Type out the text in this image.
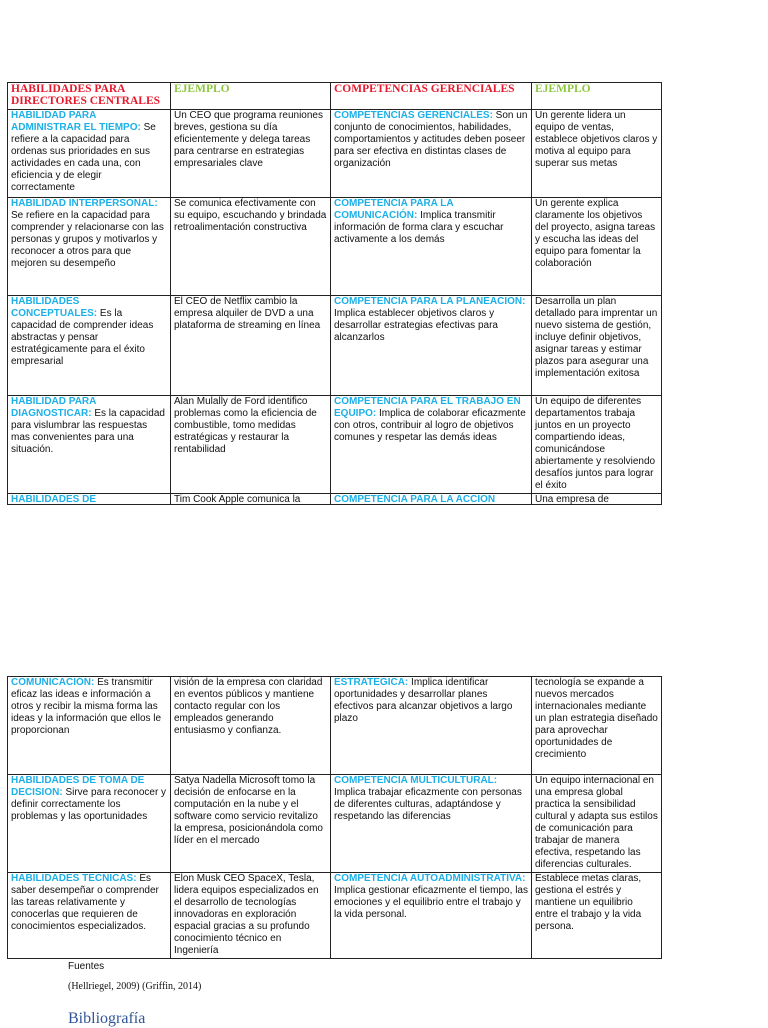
HABILIDADES PARA DIRECTORES CENTRALES	EJEMPLO	COMPETENCIAS GERENCIALES	EJEMPLO
HABILIDAD PARA ADMINISTRAR EL TIEMPO: Se refiere a la capacidad para ordenas sus prioridades en sus actividades en cada una, con eficiencia y de elegir correctamente	Un CEO que programa reuniones breves, gestiona su día eficientemente y delega tareas para centrarse en estrategias empresariales clave	COMPETENCIAS GERENCIALES: Son un conjunto de conocimientos, habilidades, comportamientos y actitudes deben poseer para ser efectiva en distintas clases de organización	Un gerente lidera un equipo de ventas, establece objetivos claros y motiva al equipo para superar sus metas
HABILIDAD INTERPERSONAL: Se refiere en la capacidad para comprender y relacionarse con las personas y grupos y motivarlos y reconocer a otros para que mejoren su desempeño	Se comunica efectivamente con su equipo, escuchando y brindada retroalimentación constructiva	COMPETENCIA PARA LA COMUNICACIÓN: Implica transmitir información de forma clara y escuchar activamente a los demás	Un gerente explica claramente los objetivos del proyecto, asigna tareas y escucha las ideas del equipo para fomentar la colaboración
HABILIDADES CONCEPTUALES: Es la capacidad de comprender ideas abstractas y pensar estratégicamente para el éxito empresarial	El CEO de Netflix cambio la empresa alquiler de DVD a una plataforma de streaming en línea	COMPETENCIA PARA LA PLANEACION: Implica establecer objetivos claros y desarrollar estrategias efectivas para alcanzarlos	Desarrolla un plan detallado para imprentar un nuevo sistema de gestión, incluye definir objetivos, asignar tareas y estimar plazos para asegurar una implementación exitosa
HABILIDAD PARA DIAGNOSTICAR: Es la capacidad para vislumbrar las respuestas mas convenientes para una situación.	Alan Mulally de Ford identifico problemas como la eficiencia de combustible, tomo medidas estratégicas y restaurar la rentabilidad	COMPETENCIA PARA EL TRABAJO EN EQUIPO: Implica de colaborar eficazmente con otros, contribuir al logro de objetivos comunes y respetar las demás ideas	Un equipo de diferentes departamentos trabaja juntos en un proyecto compartiendo ideas, comunicándose abiertamente y resolviendo desafíos juntos para lograr el éxito

HABILIDADES DE	Tim Cook Apple comunica la	COMPETENCIA PARA LA ACCION	Una empresa de
COMUNICACIÓN: Es transmitir eficaz las ideas e información a otros y recibir la misma forma las ideas y la información que ellos le proporcionan	visión de la empresa con claridad en eventos públicos y mantiene contacto regular con los empleados generando entusiasmo y confianza.	ESTRATEGICA: Implica identificar oportunidades y desarrollar planes efectivos para alcanzar objetivos a largo plazo	tecnología se expande a nuevos mercados internacionales mediante un plan estrategia diseñado para aprovechar oportunidades de crecimiento
HABILIDADES DE TOMA DE DECISION: Sirve para reconocer y definir correctamente los problemas y las oportunidades	Satya Nadella Microsoft tomo la decisión de enfocarse en la computación en la nube y el software como servicio revitalizo la empresa, posicionándola como líder en el mercado	COMPETENCIA MULTICULTURAL: Implica trabajar eficazmente con personas de diferentes culturas, adaptándose y respetando las diferencias	Un equipo internacional en una empresa global practica la sensibilidad cultural y adapta sus estilos de comunicación para trabajar de manera efectiva, respetando las diferencias culturales.
HABILIDADES TECNICAS: Es saber desempeñar o comprender las tareas relativamente y conocerlas que requieren de conocimientos especializados.	Elon Musk CEO SpaceX, Tesla, lidera equipos especializados en el desarrollo de tecnologías innovadoras en exploración espacial gracias a su profundo conocimiento técnico en Ingeniería	COMPETENCIA AUTOADMINISTRATIVA: Implica gestionar eficazmente el tiempo, las emociones y el equilibrio entre el trabajo y la vida personal.	Establece metas claras, gestiona el estrés y mantiene un equilibrio entre el trabajo y la vida persona.
Fuentes
(Hellriegel, 2009) (Griffin, 2014)
Bibliografía
